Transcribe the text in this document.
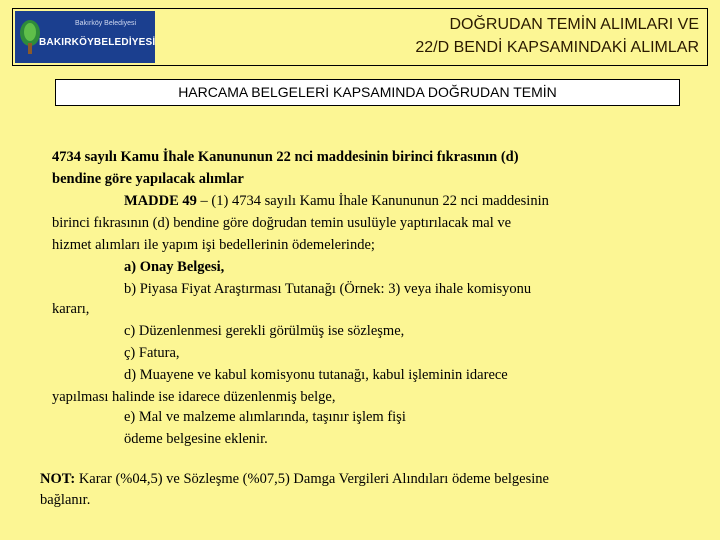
Bakırköy Belediyesi
BAKIRKÖYBELEDİYESİ
DOĞRUDAN TEMİN ALIMLARI VE
22/D BENDİ KAPSAMINDAKİ ALIMLAR
HARCAMA BELGELERİ KAPSAMINDA DOĞRUDAN TEMİN
4734 sayılı Kamu İhale Kanununun 22 nci maddesinin birinci fıkrasının (d)
bendine göre yapılacak alımlar
MADDE 49 – (1) 4734 sayılı Kamu İhale Kanununun 22 nci maddesinin
birinci fıkrasının (d) bendine göre doğrudan temin usulüyle yaptırılacak mal ve
hizmet alımları ile yapım işi bedellerinin ödemelerinde;
a) Onay Belgesi,
b) Piyasa Fiyat Araştırması Tutanağı (Örnek: 3) veya ihale komisyonu
kararı,
c) Düzenlenmesi gerekli görülmüş ise sözleşme,
ç) Fatura,
d) Muayene ve kabul komisyonu tutanağı, kabul işleminin idarece
yapılması halinde ise idarece düzenlenmiş belge,
e) Mal ve malzeme alımlarında, taşınır işlem fişi
ödeme belgesine eklenir.
NOT: Karar (%04,5) ve Sözleşme (%07,5) Damga Vergileri Alındıları ödeme belgesine
bağlanır.
